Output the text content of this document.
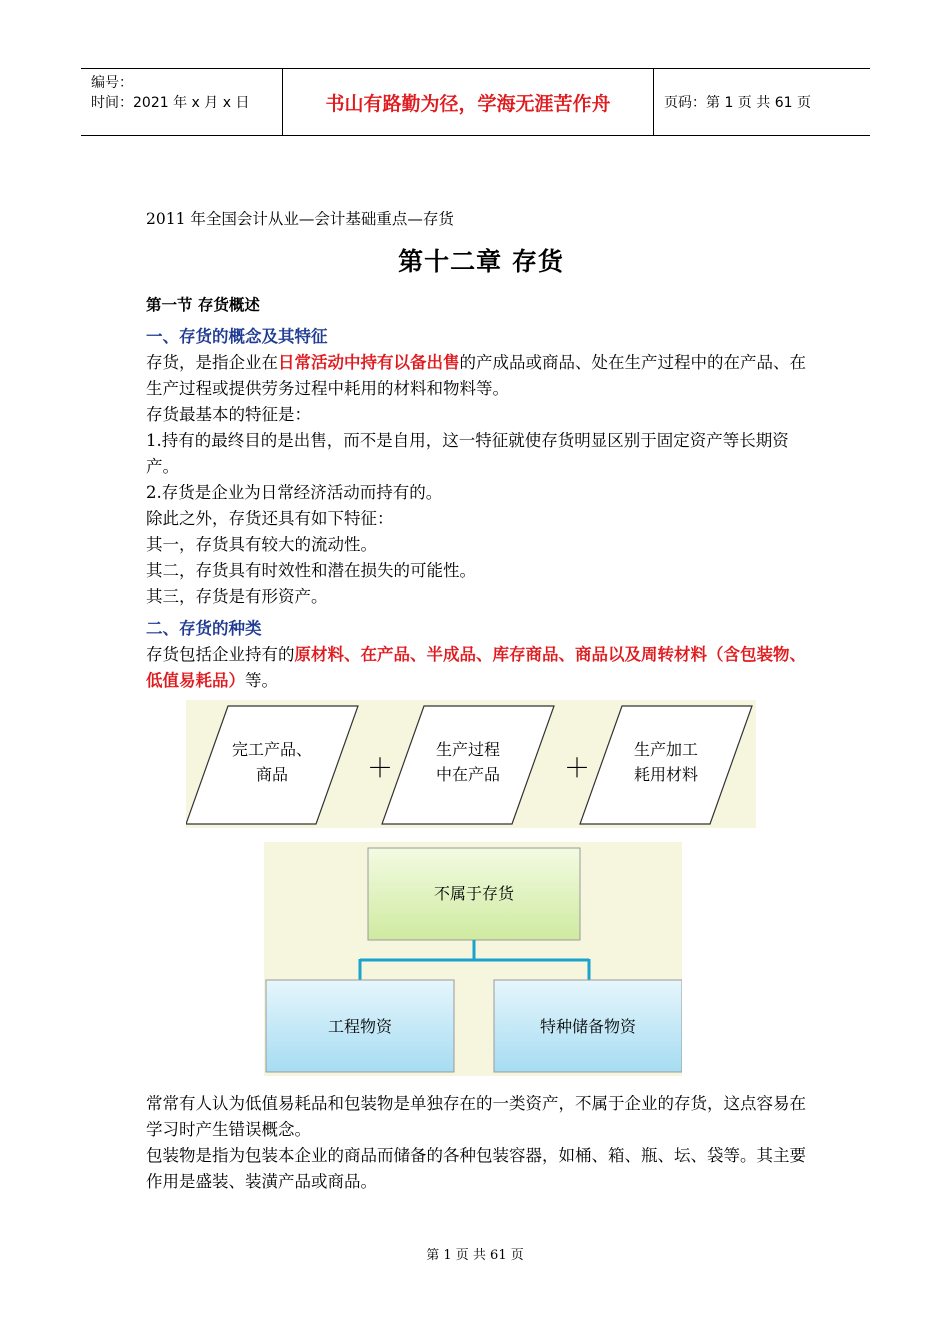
编号：
时间：2021 年 x 月 x 日	书山有路勤为径，学海无涯苦作舟	页码：第 1 页 共 61 页
2011 年全国会计从业—会计基础重点—存货
第十二章 存货
第一节 存货概述
一、存货的概念及其特征

存货，是指企业在日常活动中持有以备出售的产成品或商品、处在生产过程中的在产品、在生产过程或提供劳务过程中耗用的材料和物料等。

存货最基本的特征是：

1.持有的最终目的是出售，而不是自用，这一特征就使存货明显区别于固定资产等长期资产。

2.存货是企业为日常经济活动而持有的。

除此之外，存货还具有如下特征：

其一，存货具有较大的流动性。

其二，存货具有时效性和潜在损失的可能性。

其三，存货是有形资产。

二、存货的种类

存货包括企业持有的原材料、在产品、半成品、库存商品、商品以及周转材料（含包装物、低值易耗品）等。

完工产品、
商品
生产过程
中在产品
生产加工
耗用材料
＋	＋
不属于存货
工程物资	特种储备物资

常常有人认为低值易耗品和包装物是单独存在的一类资产，不属于企业的存货，这点容易在学习时产生错误概念。

包装物是指为包装本企业的商品而储备的各种包装容器，如桶、箱、瓶、坛、袋等。其主要作用是盛装、装潢产品或商品。

第 1 页 共 61 页
